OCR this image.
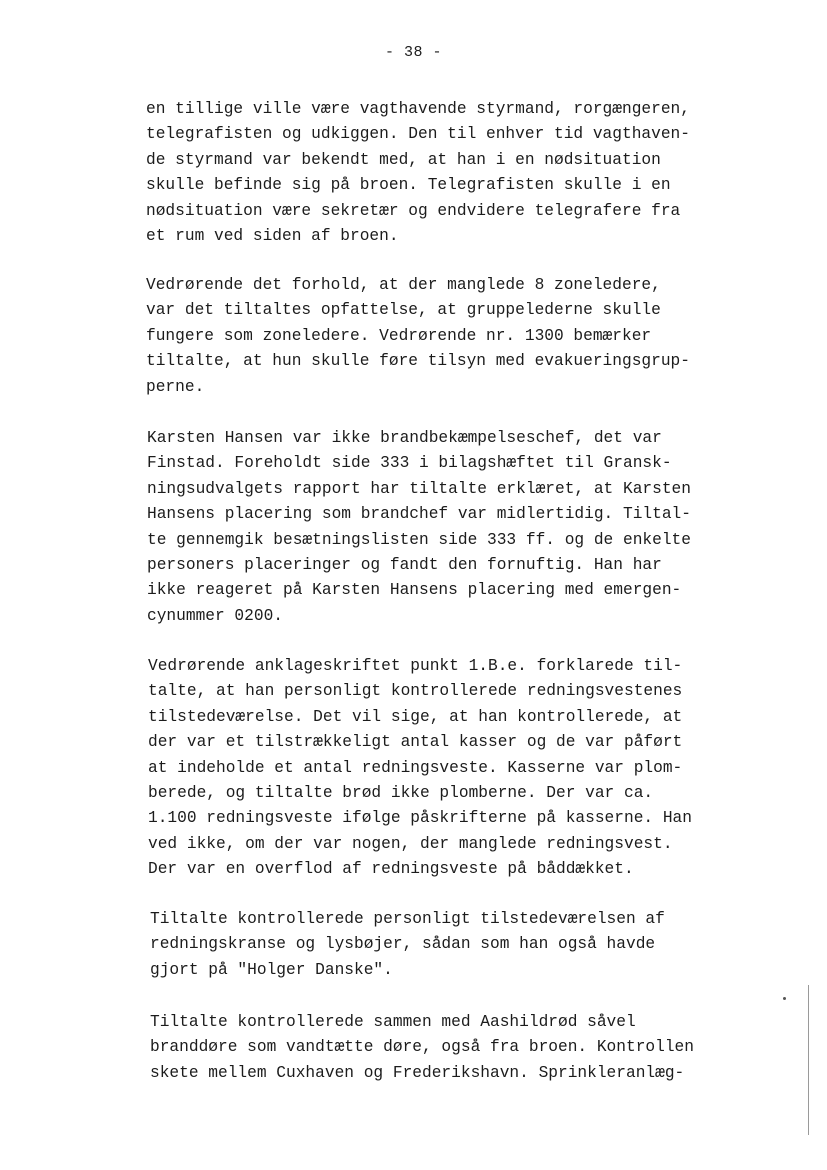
- 38 -
en tillige ville være vagthavende styrmand, rorgængeren,
telegrafisten og udkiggen. Den til enhver tid vagthaven-
de styrmand var bekendt med, at han i en nødsituation
skulle befinde sig på broen. Telegrafisten skulle i en
nødsituation være sekretær og endvidere telegrafere fra
et rum ved siden af broen.
Vedrørende det forhold, at der manglede 8 zoneledere,
var det tiltaltes opfattelse, at gruppelederne skulle
fungere som zoneledere. Vedrørende nr. 1300 bemærker
tiltalte, at hun skulle føre tilsyn med evakueringsgrup-
perne.
Karsten Hansen var ikke brandbekæmpelseschef, det var
Finstad. Foreholdt side 333 i bilagshæftet til Gransk-
ningsudvalgets rapport har tiltalte erklæret, at Karsten
Hansens placering som brandchef var midlertidig. Tiltal-
te gennemgik besætningslisten side 333 ff. og de enkelte
personers placeringer og fandt den fornuftig. Han har
ikke reageret på Karsten Hansens placering med emergen-
cynummer 0200.
Vedrørende anklageskriftet punkt 1.B.e. forklarede til-
talte, at han personligt kontrollerede redningsvestenes
tilstedeværelse. Det vil sige, at han kontrollerede, at
der var et tilstrækkeligt antal kasser og de var påført
at indeholde et antal redningsveste. Kasserne var plom-
berede, og tiltalte brød ikke plomberne. Der var ca.
1.100 redningsveste ifølge påskrifterne på kasserne. Han
ved ikke, om der var nogen, der manglede redningsvest.
Der var en overflod af redningsveste på båddækket.
Tiltalte kontrollerede personligt tilstedeværelsen af
redningskranse og lysbøjer, sådan som han også havde
gjort på "Holger Danske".
Tiltalte kontrollerede sammen med Aashildrød såvel
branddøre som vandtætte døre, også fra broen. Kontrollen
skete mellem Cuxhaven og Frederikshavn. Sprinkleranlæg-
